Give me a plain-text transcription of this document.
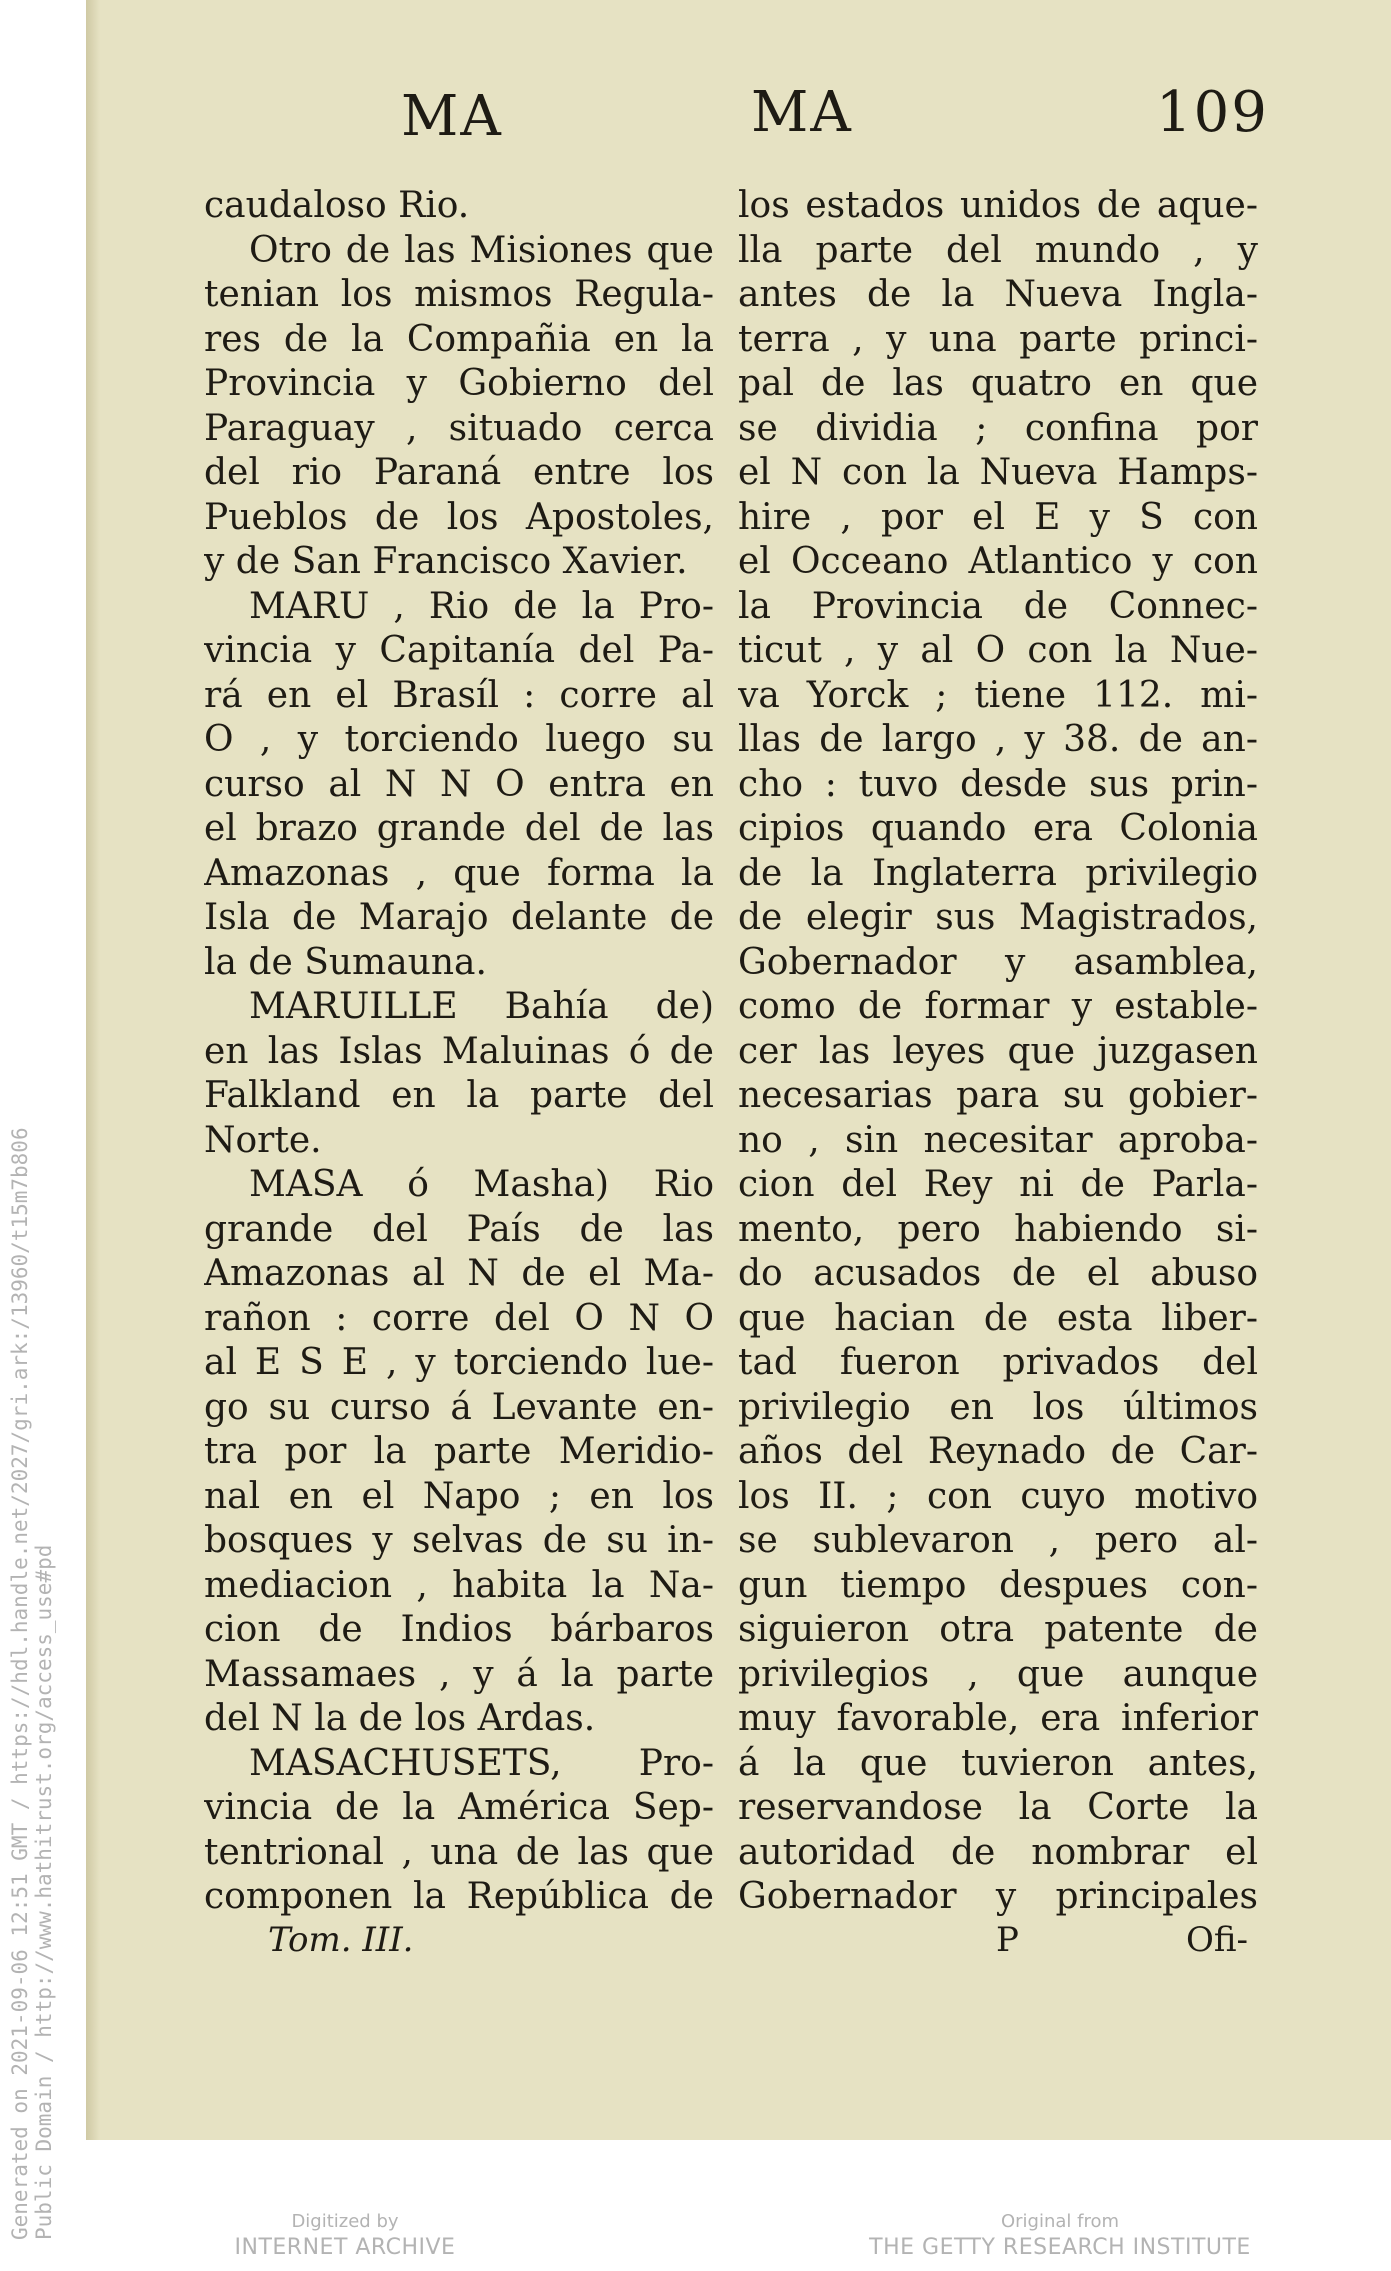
Generated on 2021-09-06 12:51 GMT / https://hdl.handle.net/2027/gri.ark:/13960/t15m7b806 Public Domain / http://www.hathitrust.org/access_use#pd
MA	MA	109
caudaloso Rio.
Otro de las Misiones que
tenian los mismos Regula-
res de la Compañia en la
Provincia y Gobierno del
Paraguay , situado cerca
del rio Paraná entre los
Pueblos de los Apostoles,
y de San Francisco Xavier.
MARU , Rio de la Pro-
vincia y Capitanía del Pa-
rá en el Brasíl : corre al
O , y torciendo luego su
curso al N N O entra en
el brazo grande del de las
Amazonas , que forma la
Isla de Marajo delante de
la de Sumauna.
MARUILLE Bahía de)
en las Islas Maluinas ó de
Falkland en la parte del
Norte.
MASA ó Masha) Rio
grande del País de las
Amazonas al N de el Ma-
rañon : corre del O N O
al E S E , y torciendo lue-
go su curso á Levante en-
tra por la parte Meridio-
nal en el Napo ; en los
bosques y selvas de su in-
mediacion , habita la Na-
cion de Indios bárbaros
Massamaes , y á la parte
del N la de los Ardas.
MASACHUSETS, Pro-
vincia de la América Sep-
tentrional , una de las que
componen la República de
los estados unidos de aque-
lla parte del mundo , y
antes de la Nueva Ingla-
terra , y una parte princi-
pal de las quatro en que
se dividia ; confina por
el N con la Nueva Hamps-
hire , por el E y S con
el Occeano Atlantico y con
la Provincia de Connec-
ticut , y al O con la Nue-
va Yorck ; tiene 112. mi-
llas de largo , y 38. de an-
cho : tuvo desde sus prin-
cipios quando era Colonia
de la Inglaterra privilegio
de elegir sus Magistrados,
Gobernador y asamblea,
como de formar y estable-
cer las leyes que juzgasen
necesarias para su gobier-
no , sin necesitar aproba-
cion del Rey ni de Parla-
mento, pero habiendo si-
do acusados de el abuso
que hacian de esta liber-
tad fueron privados del
privilegio en los últimos
años del Reynado de Car-
los II. ; con cuyo motivo
se sublevaron , pero al-
gun tiempo despues con-
siguieron otra patente de
privilegios , que aunque
muy favorable, era inferior
á la que tuvieron antes,
reservandose la Corte la
autoridad de nombrar el
Gobernador y principales
Tom. III.	P	Ofi-
Digitized by
INTERNET ARCHIVE
Original from
THE GETTY RESEARCH INSTITUTE
